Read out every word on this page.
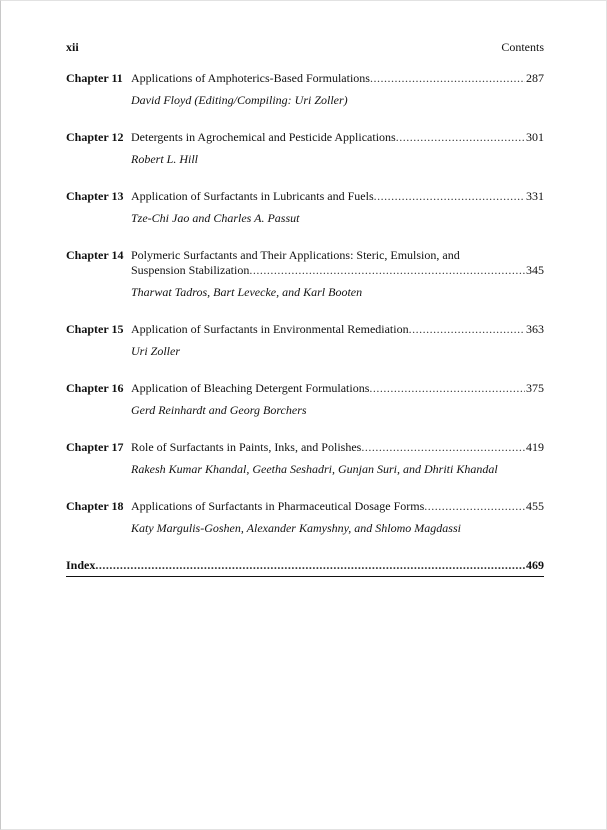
xii	Contents
Chapter 11 Applications of Amphoterics-Based Formulations .....	287
David Floyd (Editing/Compiling: Uri Zoller)
Chapter 12 Detergents in Agrochemical and Pesticide Applications .....	301
Robert L. Hill
Chapter 13 Application of Surfactants in Lubricants and Fuels .....	331
Tze-Chi Jao and Charles A. Passut
Chapter 14 Polymeric Surfactants and Their Applications: Steric, Emulsion, and
Suspension Stabilization .....	345
Tharwat Tadros, Bart Levecke, and Karl Booten
Chapter 15 Application of Surfactants in Environmental Remediation .....	363
Uri Zoller
Chapter 16 Application of Bleaching Detergent Formulations .....	375
Gerd Reinhardt and Georg Borchers
Chapter 17 Role of Surfactants in Paints, Inks, and Polishes .....	419
Rakesh Kumar Khandal, Geetha Seshadri, Gunjan Suri, and Dhriti Khandal
Chapter 18 Applications of Surfactants in Pharmaceutical Dosage Forms .....	455
Katy Margulis-Goshen, Alexander Kamyshny, and Shlomo Magdassi
Index .....	469
